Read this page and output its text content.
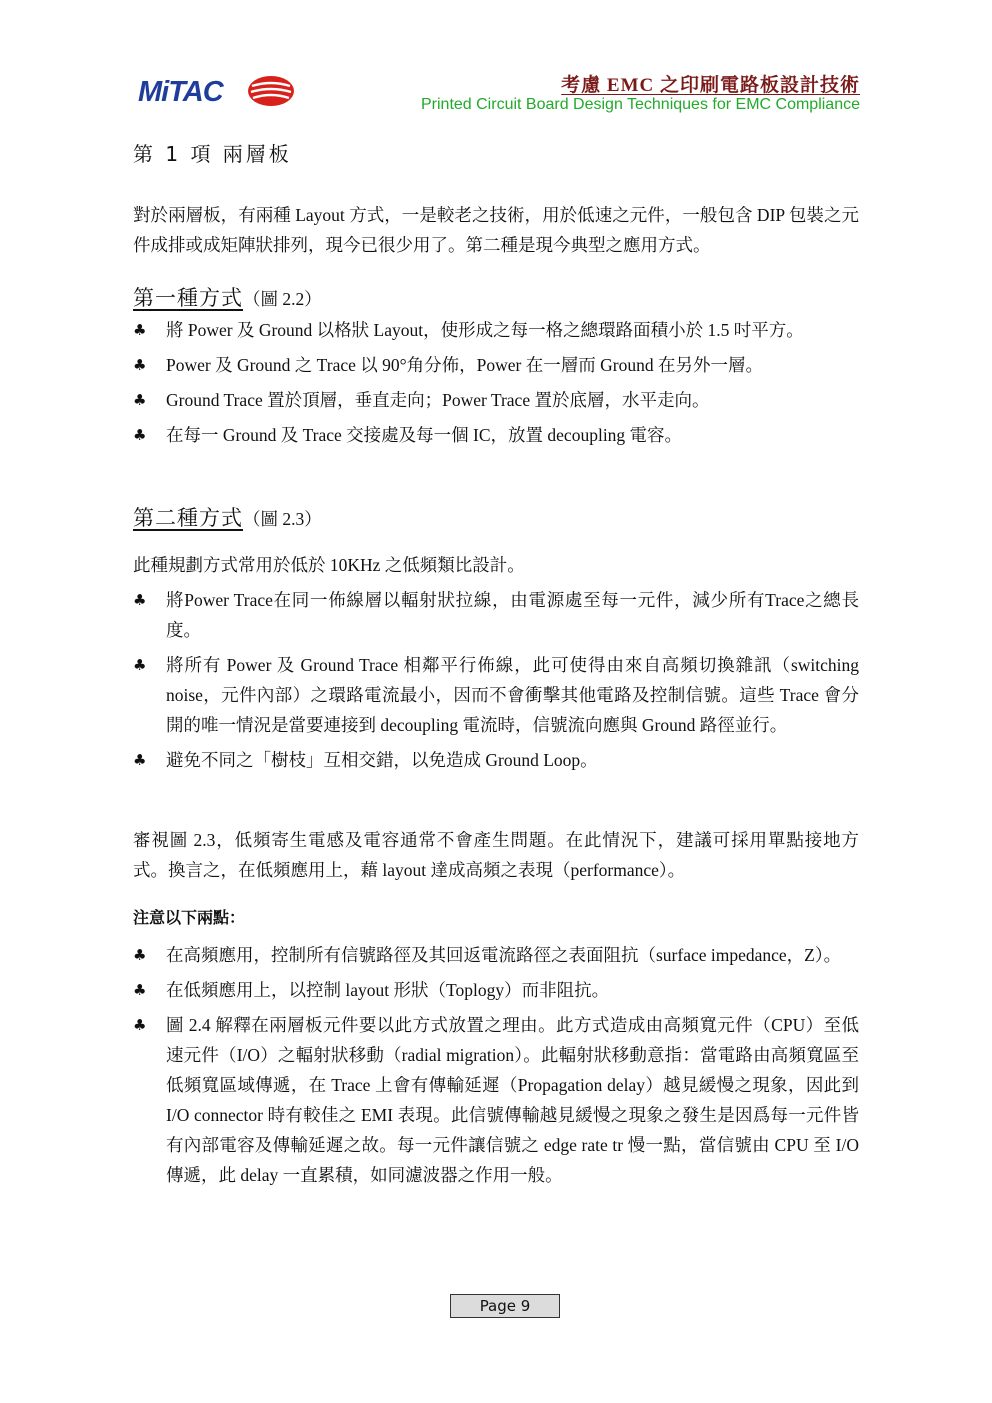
MiTAC	考慮 EMC 之印刷電路板設計技術
Printed Circuit Board Design Techniques for EMC Compliance
第 1 項 兩層板

對於兩層板，有兩種 Layout 方式，一是較老之技術，用於低速之元件，一般包含 DIP 包裝之元件成排或成矩陣狀排列，現今已很少用了。第二種是現今典型之應用方式。

第一種方式（圖 2.2）
♣ 將 Power 及 Ground 以格狀 Layout，使形成之每一格之總環路面積小於 1.5 吋平方。
♣ Power 及 Ground 之 Trace 以 90°角分佈，Power 在一層而 Ground 在另外一層。
♣ Ground Trace 置於頂層，垂直走向；Power Trace 置於底層，水平走向。
♣ 在每一 Ground 及 Trace 交接處及每一個 IC，放置 decoupling 電容。
第二種方式（圖 2.3）

此種規劃方式常用於低於 10KHz 之低頻類比設計。

♣ 將Power Trace在同一佈線層以輻射狀拉線，由電源處至每一元件，減少所有Trace之總長度。
♣ 將所有 Power 及 Ground Trace 相鄰平行佈線，此可使得由來自高頻切換雜訊（switching noise，元件內部）之環路電流最小，因而不會衝擊其他電路及控制信號。這些 Trace 會分開的唯一情況是當要連接到 decoupling 電流時，信號流向應與 Ground 路徑並行。
♣ 避免不同之「樹枝」互相交錯，以免造成 Ground Loop。

審視圖 2.3，低頻寄生電感及電容通常不會產生問題。在此情況下，建議可採用單點接地方式。換言之，在低頻應用上，藉 layout 達成高頻之表現（performance）。

注意以下兩點：
♣ 在高頻應用，控制所有信號路徑及其回返電流路徑之表面阻抗（surface impedance，Z）。
♣ 在低頻應用上，以控制 layout 形狀（Toplogy）而非阻抗。
♣ 圖 2.4 解釋在兩層板元件要以此方式放置之理由。此方式造成由高頻寬元件（CPU）至低速元件（I/O）之輻射狀移動（radial migration）。此輻射狀移動意指：當電路由高頻寬區至低頻寬區域傳遞，在 Trace 上會有傳輸延遲（Propagation delay）越見緩慢之現象，因此到 I/O connector 時有較佳之 EMI 表現。此信號傳輸越見緩慢之現象之發生是因爲每一元件皆有內部電容及傳輸延遲之故。每一元件讓信號之 edge rate tr 慢一點，當信號由 CPU 至 I/O 傳遞，此 delay 一直累積，如同濾波器之作用一般。
Page 9
